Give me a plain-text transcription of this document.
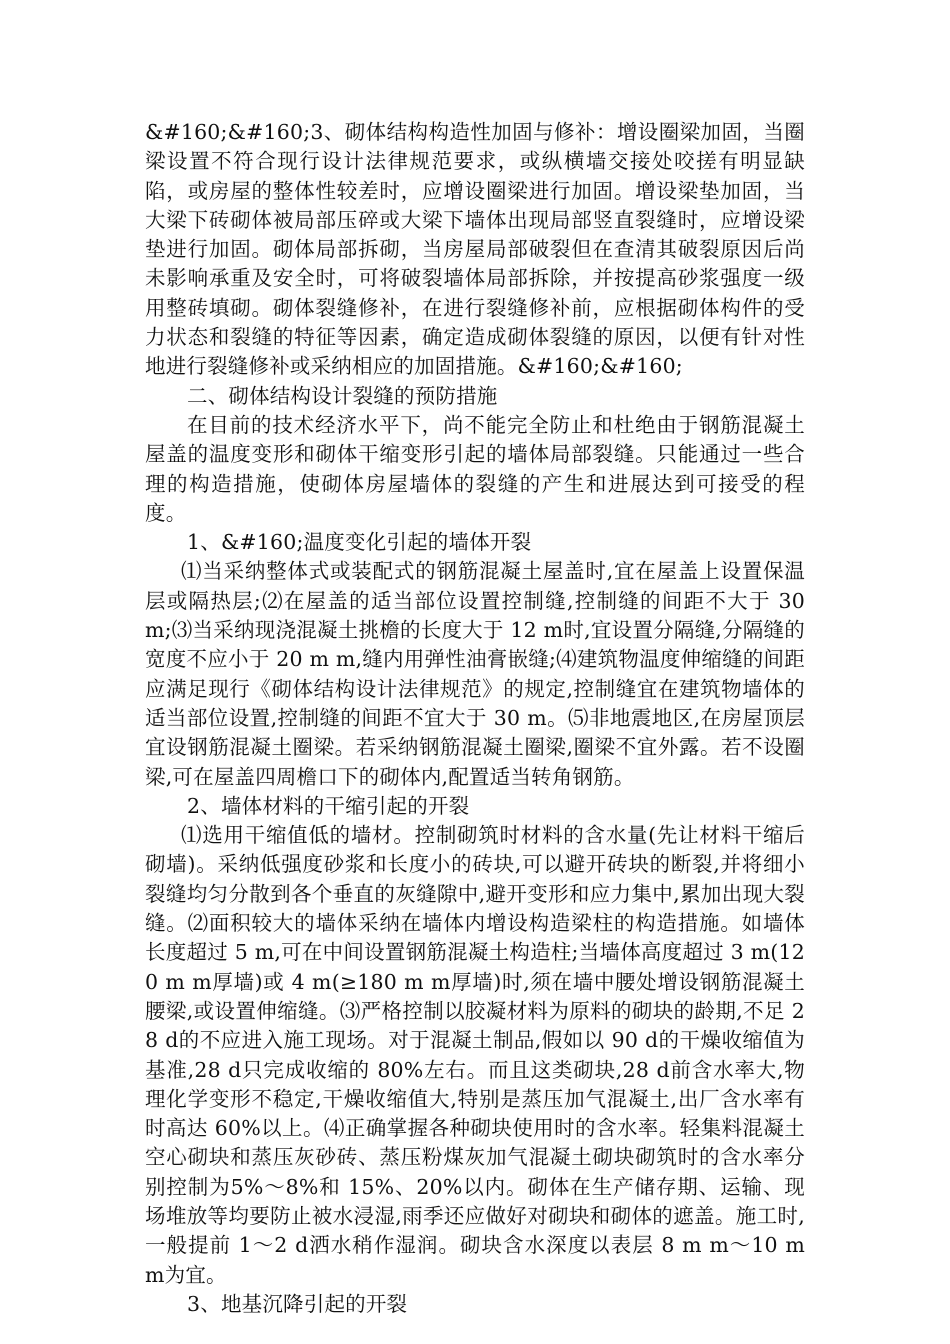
&#160;&#160;3、砌体结构构造性加固与修补：增设圈梁加固，当圈梁设置不符合现行设计法律规范要求，或纵横墙交接处咬搓有明显缺陷，或房屋的整体性较差时，应增设圈梁进行加固。增设梁垫加固，当大梁下砖砌体被局部压碎或大梁下墙体出现局部竖直裂缝时，应增设梁垫进行加固。砌体局部拆砌，当房屋局部破裂但在查清其破裂原因后尚未影响承重及安全时，可将破裂墙体局部拆除，并按提高砂浆强度一级用整砖填砌。砌体裂缝修补，在进行裂缝修补前，应根据砌体构件的受力状态和裂缝的特征等因素，确定造成砌体裂缝的原因，以便有针对性地进行裂缝修补或采纳相应的加固措施。&#160;&#160;

二、砌体结构设计裂缝的预防措施

在目前的技术经济水平下，尚不能完全防止和杜绝由于钢筋混凝土屋盖的温度变形和砌体干缩变形引起的墙体局部裂缝。只能通过一些合理的构造措施，使砌体房屋墙体的裂缝的产生和进展达到可接受的程度。

1、&#160;温度变化引起的墙体开裂

⑴当采纳整体式或装配式的钢筋混凝土屋盖时,宜在屋盖上设置保温层或隔热层;⑵在屋盖的适当部位设置控制缝,控制缝的间距不大于 30 m;⑶当采纳现浇混凝土挑檐的长度大于 12 m时,宜设置分隔缝,分隔缝的宽度不应小于 20 m m,缝内用弹性油膏嵌缝;⑷建筑物温度伸缩缝的间距应满足现行《砌体结构设计法律规范》的规定,控制缝宜在建筑物墙体的适当部位设置,控制缝的间距不宜大于 30 m。⑸非地震地区,在房屋顶层宜设钢筋混凝土圈梁。若采纳钢筋混凝土圈梁,圈梁不宜外露。若不设圈梁,可在屋盖四周檐口下的砌体内,配置适当转角钢筋。

2、墙体材料的干缩引起的开裂

⑴选用干缩值低的墙材。控制砌筑时材料的含水量(先让材料干缩后砌墙)。采纳低强度砂浆和长度小的砖块,可以避开砖块的断裂,并将细小裂缝均匀分散到各个垂直的灰缝隙中,避开变形和应力集中,累加出现大裂缝。⑵面积较大的墙体采纳在墙体内增设构造梁柱的构造措施。如墙体长度超过 5 m,可在中间设置钢筋混凝土构造柱;当墙体高度超过 3 m(120 m m厚墙)或 4 m(≥180 m m厚墙)时,须在墙中腰处增设钢筋混凝土腰梁,或设置伸缩缝。⑶严格控制以胶凝材料为原料的砌块的龄期,不足 28 d的不应进入施工现场。对于混凝土制品,假如以 90 d的干燥收缩值为基准,28 d只完成收缩的 80%左右。而且这类砌块,28 d前含水率大,物理化学变形不稳定,干燥收缩值大,特别是蒸压加气混凝土,出厂含水率有时高达 60%以上。⑷正确掌握各种砌块使用时的含水率。轻集料混凝土空心砌块和蒸压灰砂砖、蒸压粉煤灰加气混凝土砌块砌筑时的含水率分别控制为5%～8%和 15%、20%以内。砌体在生产储存期、运输、现场堆放等均要防止被水浸湿,雨季还应做好对砌块和砌体的遮盖。施工时,一般提前 1～2 d洒水稍作湿润。砌块含水深度以表层 8 m m～10 m m为宜。

3、地基沉降引起的开裂
